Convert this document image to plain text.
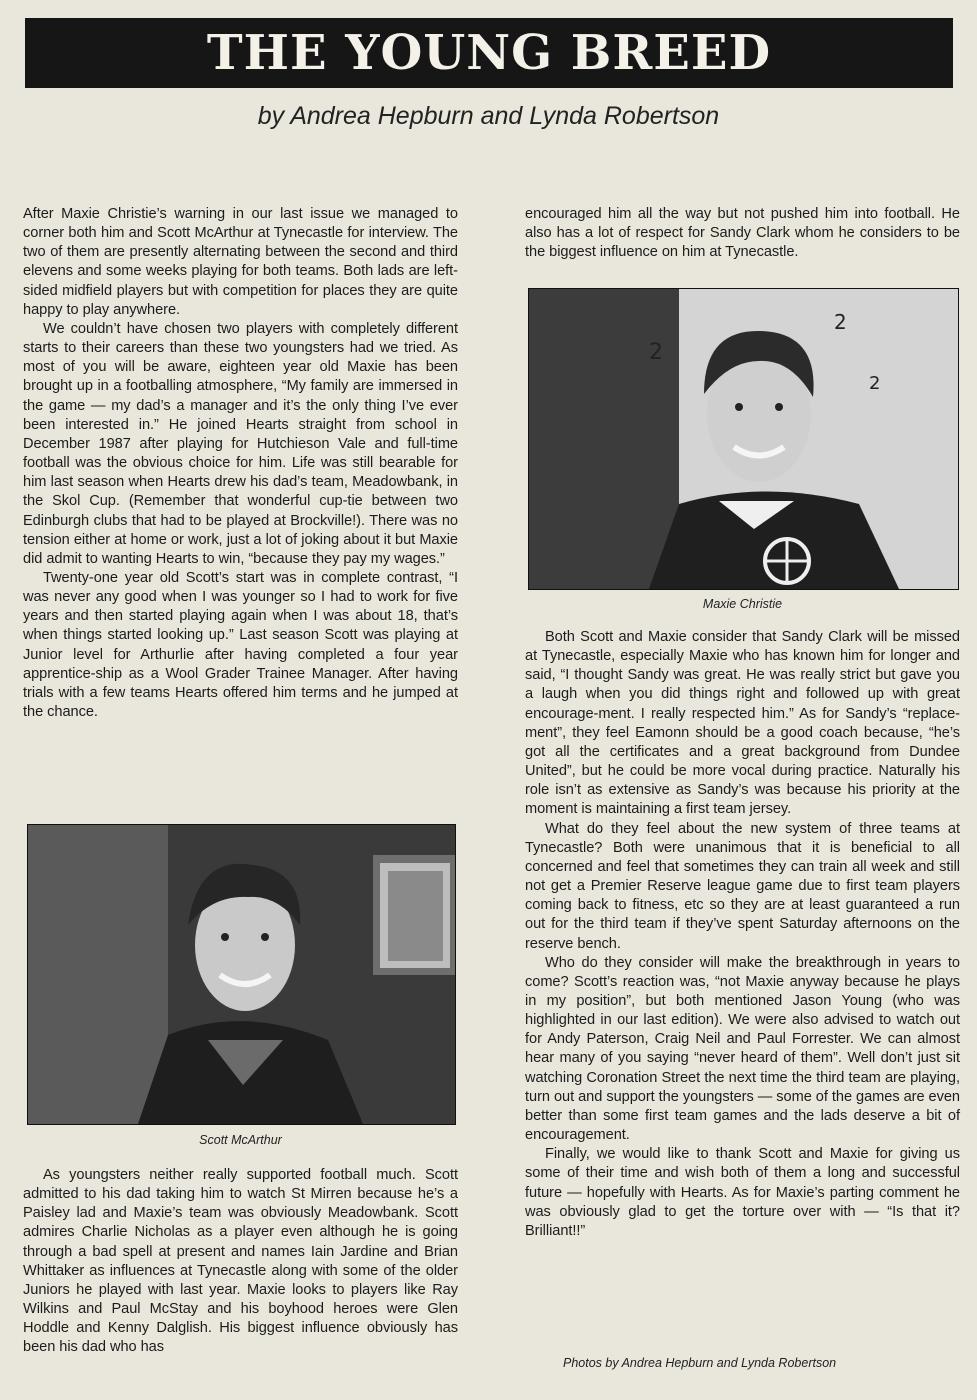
THE YOUNG BREED
by Andrea Hepburn and Lynda Robertson

After Maxie Christie’s warning in our last issue we managed to corner both him and Scott McArthur at Tynecastle for interview. The two of them are presently alternating between the second and third elevens and some weeks playing for both teams. Both lads are left-sided midfield players but with competition for places they are quite happy to play anywhere.

We couldn’t have chosen two players with completely different starts to their careers than these two youngsters had we tried. As most of you will be aware, eighteen year old Maxie has been brought up in a footballing atmosphere, “My family are immersed in the game — my dad’s a manager and it’s the only thing I’ve ever been interested in.” He joined Hearts straight from school in December 1987 after playing for Hutchieson Vale and full-time football was the obvious choice for him. Life was still bearable for him last season when Hearts drew his dad’s team, Meadowbank, in the Skol Cup. (Remember that wonderful cup-tie between two Edinburgh clubs that had to be played at Brockville!). There was no tension either at home or work, just a lot of joking about it but Maxie did admit to wanting Hearts to win, “because they pay my wages.”

Twenty-one year old Scott’s start was in complete contrast, “I was never any good when I was younger so I had to work for five years and then started playing again when I was about 18, that’s when things started looking up.” Last season Scott was playing at Junior level for Arthurlie after having completed a four year apprentice-ship as a Wool Grader Trainee Manager. After having trials with a few teams Hearts offered him terms and he jumped at the chance.

Scott McArthur

As youngsters neither really supported football much. Scott admitted to his dad taking him to watch St Mirren because he’s a Paisley lad and Maxie’s team was obviously Meadowbank. Scott admires Charlie Nicholas as a player even although he is going through a bad spell at present and names Iain Jardine and Brian Whittaker as influences at Tynecastle along with some of the older Juniors he played with last year. Maxie looks to players like Ray Wilkins and Paul McStay and his boyhood heroes were Glen Hoddle and Kenny Dalglish. His biggest influence obviously has been his dad who has

encouraged him all the way but not pushed him into football. He also has a lot of respect for Sandy Clark whom he considers to be the biggest influence on him at Tynecastle.

2
2
2
Maxie Christie

Both Scott and Maxie consider that Sandy Clark will be missed at Tynecastle, especially Maxie who has known him for longer and said, “I thought Sandy was great. He was really strict but gave you a laugh when you did things right and followed up with great encourage-ment. I really respected him.” As for Sandy’s “replace-ment”, they feel Eamonn should be a good coach because, “he’s got all the certificates and a great background from Dundee United”, but he could be more vocal during practice. Naturally his role isn’t as extensive as Sandy’s was because his priority at the moment is maintaining a first team jersey.

What do they feel about the new system of three teams at Tynecastle? Both were unanimous that it is beneficial to all concerned and feel that sometimes they can train all week and still not get a Premier Reserve league game due to first team players coming back to fitness, etc so they are at least guaranteed a run out for the third team if they’ve spent Saturday afternoons on the reserve bench.

Who do they consider will make the breakthrough in years to come? Scott’s reaction was, “not Maxie anyway because he plays in my position”, but both mentioned Jason Young (who was highlighted in our last edition). We were also advised to watch out for Andy Paterson, Craig Neil and Paul Forrester. We can almost hear many of you saying “never heard of them”. Well don’t just sit watching Coronation Street the next time the third team are playing, turn out and support the youngsters — some of the games are even better than some first team games and the lads deserve a bit of encouragement.

Finally, we would like to thank Scott and Maxie for giving us some of their time and wish both of them a long and successful future — hopefully with Hearts. As for Maxie’s parting comment he was obviously glad to get the torture over with — “Is that it? Brilliant!!”

Photos by Andrea Hepburn and Lynda Robertson
